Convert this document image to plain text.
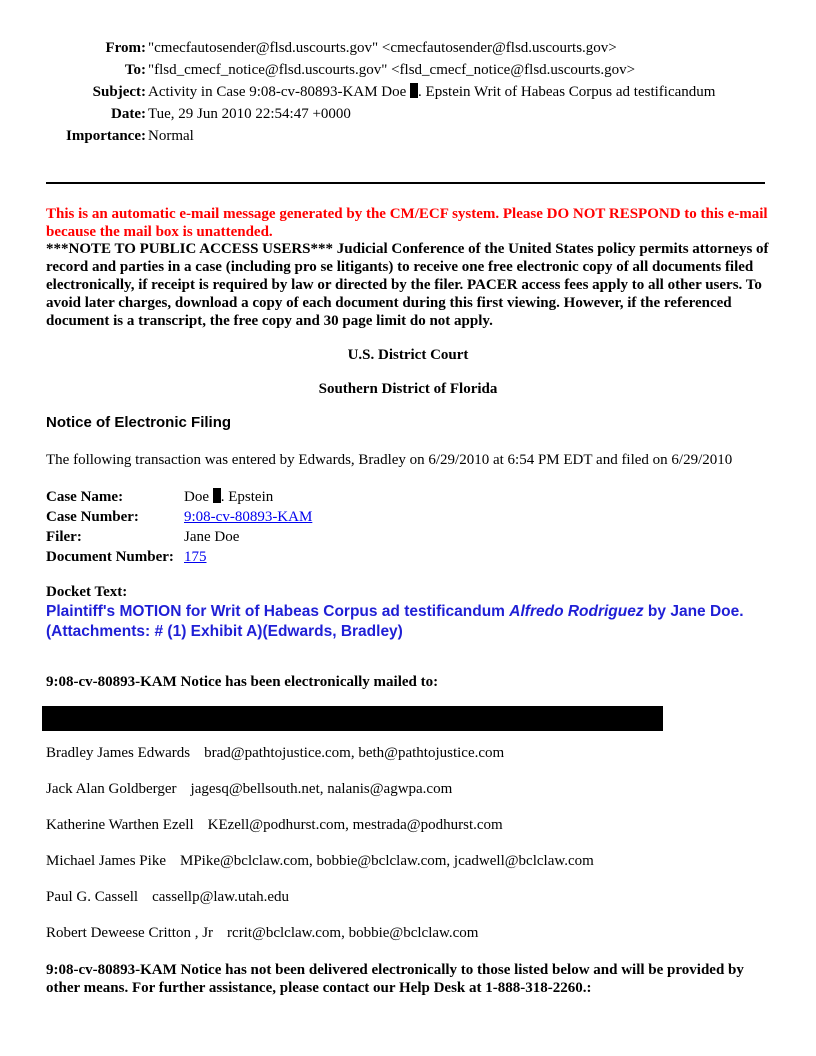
From:	"cmecfautosender@flsd.uscourts.gov" <cmecfautosender@flsd.uscourts.gov>
To:	"flsd_cmecf_notice@flsd.uscourts.gov" <flsd_cmecf_notice@flsd.uscourts.gov>
Subject:	Activity in Case 9:08-cv-80893-KAM Doe . Epstein Writ of Habeas Corpus ad testificandum
Date:	Tue, 29 Jun 2010 22:54:47 +0000
Importance:	Normal
This is an automatic e-mail message generated by the CM/ECF system. Please DO NOT RESPOND to this e-mail because the mail box is unattended.
***NOTE TO PUBLIC ACCESS USERS*** Judicial Conference of the United States policy permits attorneys of record and parties in a case (including pro se litigants) to receive one free electronic copy of all documents filed electronically, if receipt is required by law or directed by the filer. PACER access fees apply to all other users. To avoid later charges, download a copy of each document during this first viewing. However, if the referenced document is a transcript, the free copy and 30 page limit do not apply.
U.S. District Court
Southern District of Florida
Notice of Electronic Filing
The following transaction was entered by Edwards, Bradley on 6/29/2010 at 6:54 PM EDT and filed on 6/29/2010
Case Name:	Doe . Epstein
Case Number:	9:08-cv-80893-KAM
Filer:	Jane Doe
Document Number:	175
Docket Text:
Plaintiff's MOTION for Writ of Habeas Corpus ad testificandum Alfredo Rodriguez by Jane Doe. (Attachments: # (1) Exhibit A)(Edwards, Bradley)
9:08-cv-80893-KAM Notice has been electronically mailed to:
Bradley James Edwards brad@pathtojustice.com, beth@pathtojustice.com
Jack Alan Goldberger jagesq@bellsouth.net, nalanis@agwpa.com
Katherine Warthen Ezell KEzell@podhurst.com, mestrada@podhurst.com
Michael James Pike MPike@bclclaw.com, bobbie@bclclaw.com, jcadwell@bclclaw.com
Paul G. Cassell cassellp@law.utah.edu
Robert Deweese Critton , Jr rcrit@bclclaw.com, bobbie@bclclaw.com
9:08-cv-80893-KAM Notice has not been delivered electronically to those listed below and will be provided by other means. For further assistance, please contact our Help Desk at 1-888-318-2260.:
